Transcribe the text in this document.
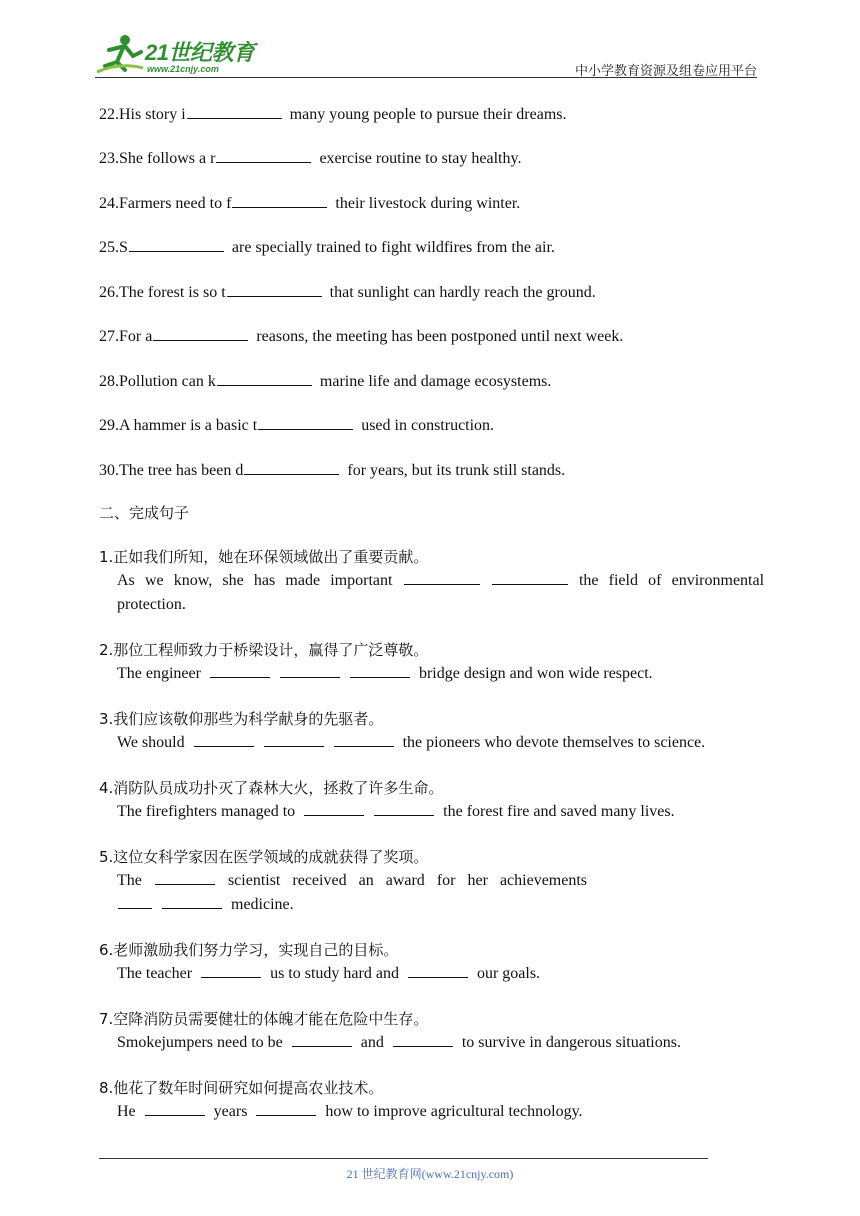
21世纪教育
www.21cnjy.com	中小学教育资源及组卷应用平台
22.His story i	many young people to pursue their dreams.
23.She follows a r	exercise routine to stay healthy.
24.Farmers need to f	their livestock during winter.
25.S	are specially trained to fight wildfires from the air.
26.The forest is so t	that sunlight can hardly reach the ground.
27.For a	reasons, the meeting has been postponed until next week.
28.Pollution can k	marine life and damage ecosystems.
29.A hammer is a basic t	used in construction.
30.The tree has been d	for years, but its trunk still stands.
二、完成句子
1.正如我们所知，她在环保领域做出了重要贡献。
As we know, she has made important	the field of environmental
protection.
2.那位工程师致力于桥梁设计，赢得了广泛尊敬。
The engineer	bridge design and won wide respect.
3.我们应该敬仰那些为科学献身的先驱者。
We should	the pioneers who devote themselves to science.
4.消防队员成功扑灭了森林大火，拯救了许多生命。
The firefighters managed to	the forest fire and saved many lives.
5.这位女科学家因在医学领域的成就获得了奖项。
The	scientist received an award for her achievements
medicine.
6.老师激励我们努力学习，实现自己的目标。
The teacher	us to study hard and	our goals.
7.空降消防员需要健壮的体魄才能在危险中生存。
Smokejumpers need to be	and	to survive in dangerous situations.
8.他花了数年时间研究如何提高农业技术。
He	years	how to improve agricultural technology.
21 世纪教育网(www.21cnjy.com)
